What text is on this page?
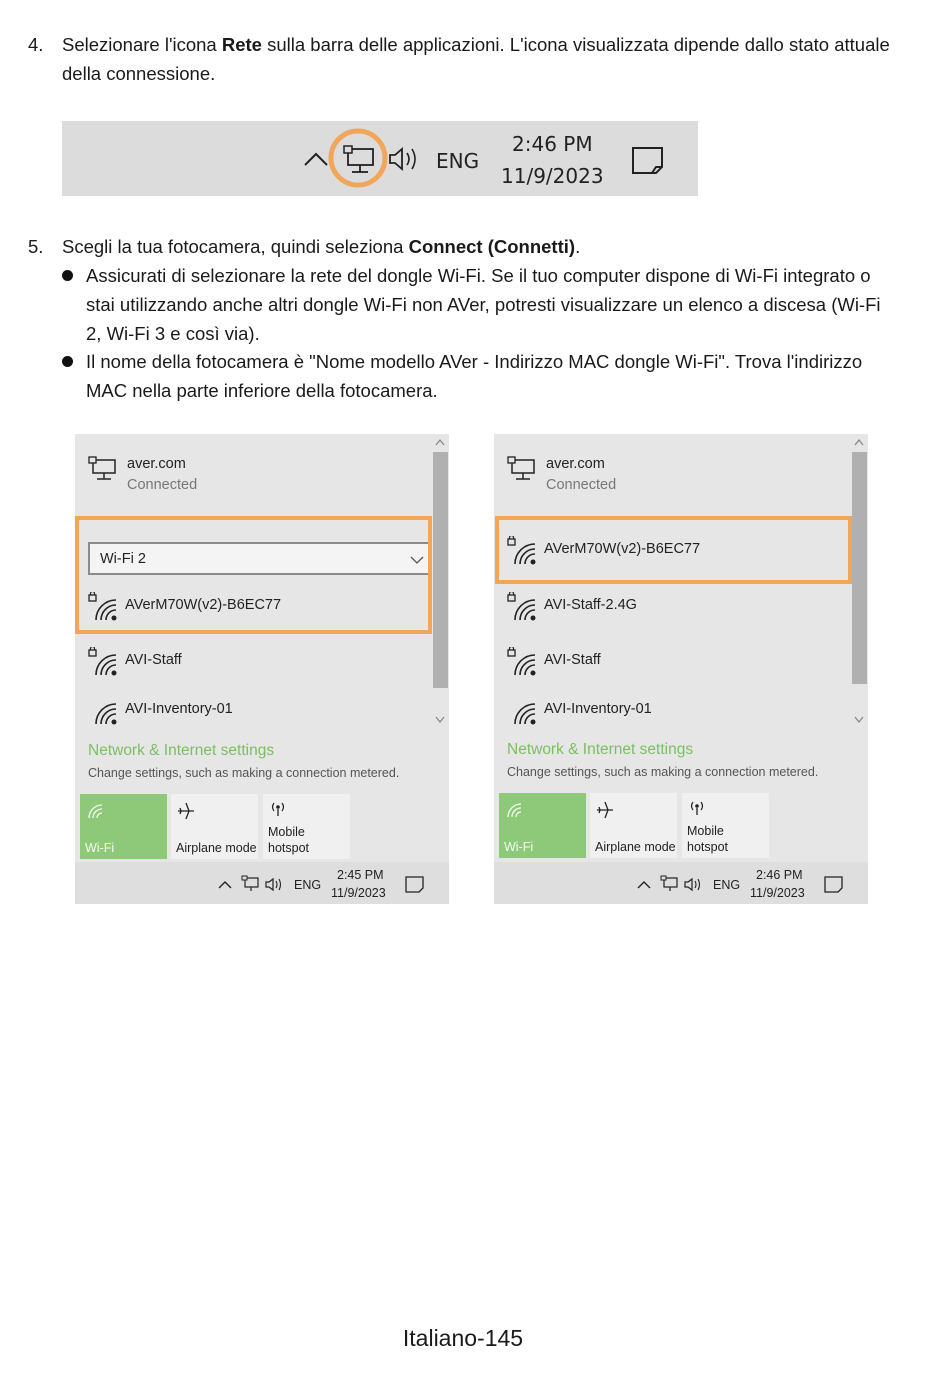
4. Selezionare l'icona Rete sulla barra delle applicazioni. L'icona visualizzata dipende dallo stato attuale della connessione.
ENG
2:46 PM
11/9/2023
5. Scegli la tua fotocamera, quindi seleziona Connect (Connetti).
Assicurati di selezionare la rete del dongle Wi-Fi. Se il tuo computer dispone di Wi-Fi integrato o stai utilizzando anche altri dongle Wi-Fi non AVer, potresti visualizzare un elenco a discesa (Wi-Fi 2, Wi-Fi 3 e così via).
Il nome della fotocamera è "Nome modello AVer - Indirizzo MAC dongle Wi-Fi". Trova l'indirizzo MAC nella parte inferiore della fotocamera.
aver.com
Connected
Wi-Fi 2
AVerM70W(v2)-B6EC77
AVI-Staff
AVI-Inventory-01
Network & Internet settings
Change settings, such as making a connection metered.
Wi-Fi	Airplane mode
Mobile hotspot
ENG
2:45 PM
11/9/2023
aver.com
Connected
AVerM70W(v2)-B6EC77
AVI-Staff-2.4G
AVI-Staff
AVI-Inventory-01
Network & Internet settings
Change settings, such as making a connection metered.
Wi-Fi	Airplane mode
Mobile hotspot
ENG
2:46 PM
11/9/2023
Italiano-145
